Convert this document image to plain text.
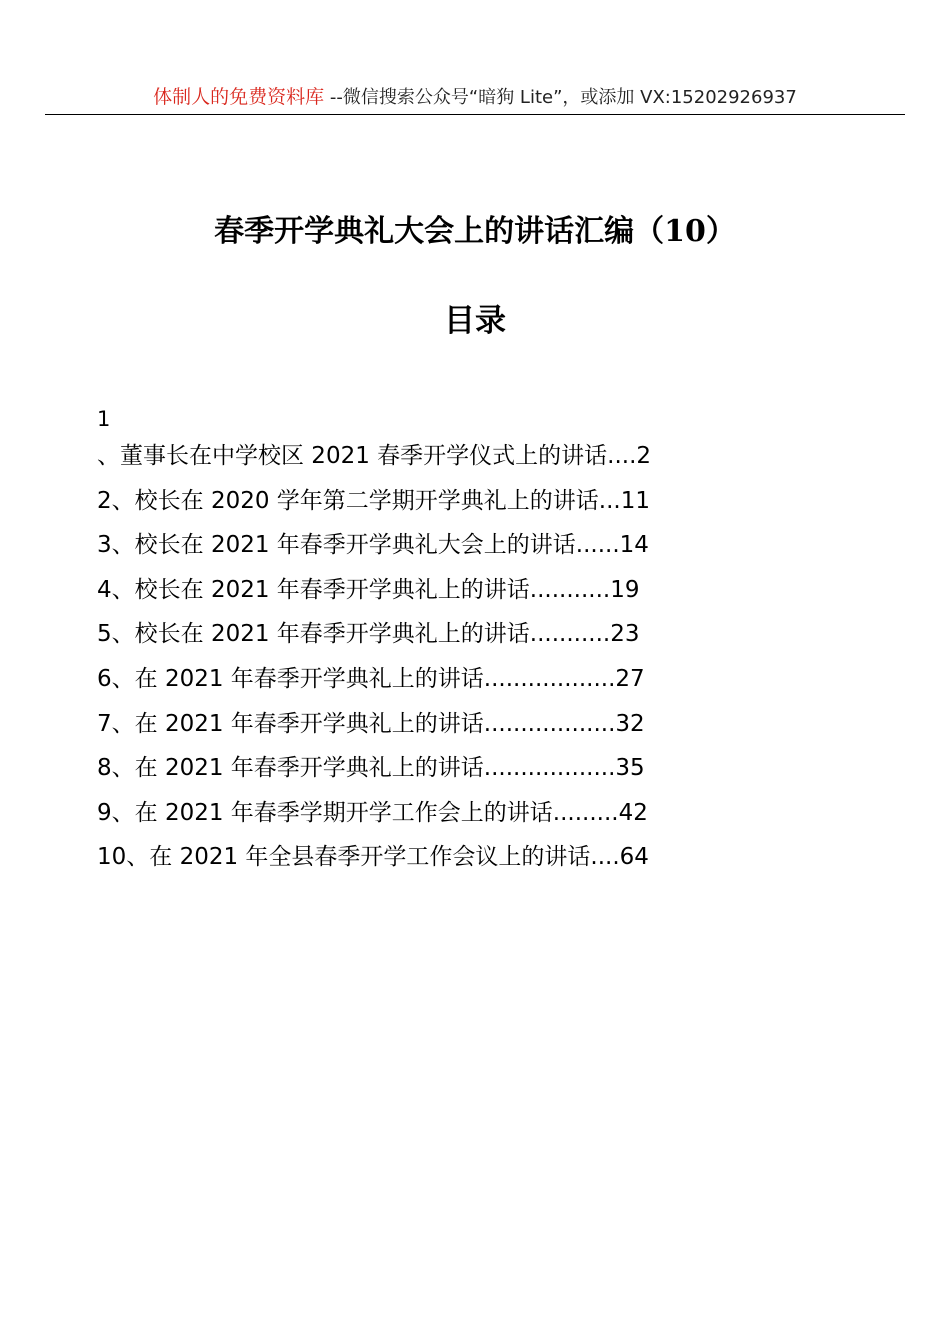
体制人的免费资料库 --微信搜索公众号“暗狗 Lite”，或添加 VX:15202926937
春季开学典礼大会上的讲话汇编（10）
目录
1
、董事长在中学校区 2021 春季开学仪式上的讲话....2
2、校长在 2020 学年第二学期开学典礼上的讲话...11
3、校长在 2021 年春季开学典礼大会上的讲话......14
4、校长在 2021 年春季开学典礼上的讲话...........19
5、校长在 2021 年春季开学典礼上的讲话...........23
6、在 2021 年春季开学典礼上的讲话..................27
7、在 2021 年春季开学典礼上的讲话..................32
8、在 2021 年春季开学典礼上的讲话..................35
9、在 2021 年春季学期开学工作会上的讲话.........42
10、在 2021 年全县春季开学工作会议上的讲话....64
